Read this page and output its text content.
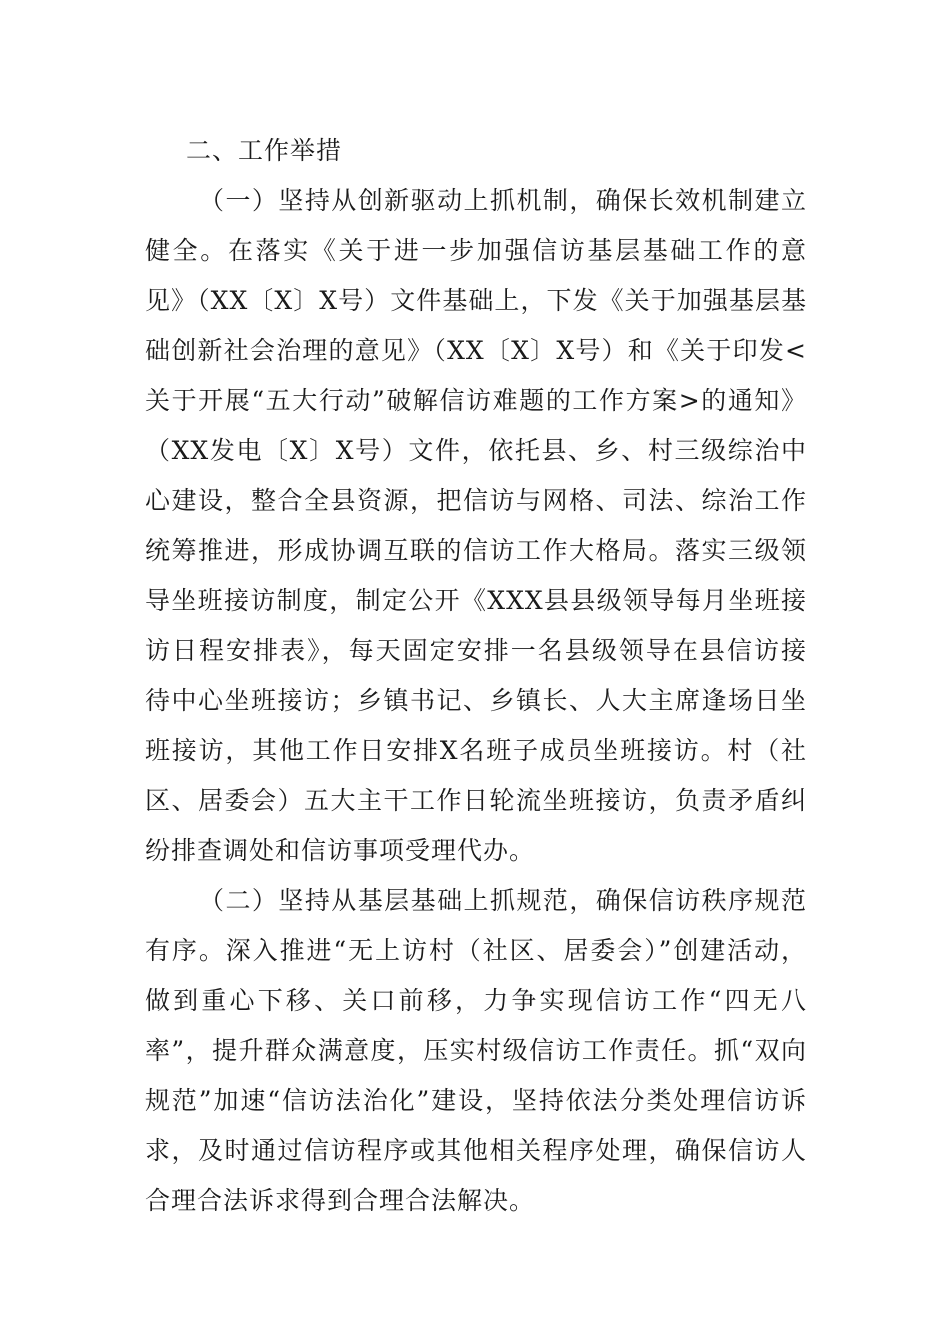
二、工作举措

（一）坚持从创新驱动上抓机制，确保长效机制建立健全。在落实《关于进一步加强信访基层基础工作的意见》（XX〔X〕X号）文件基础上，下发《关于加强基层基础创新社会治理的意见》（XX〔X〕X号）和《关于印发<关于开展“五大行动”破解信访难题的工作方案>的通知》（XX发电〔X〕X号）文件，依托县、乡、村三级综治中心建设，整合全县资源，把信访与网格、司法、综治工作统筹推进，形成协调互联的信访工作大格局。落实三级领导坐班接访制度，制定公开《XXX县县级领导每月坐班接访日程安排表》，每天固定安排一名县级领导在县信访接待中心坐班接访；乡镇书记、乡镇长、人大主席逢场日坐班接访，其他工作日安排X名班子成员坐班接访。村（社区、居委会）五大主干工作日轮流坐班接访，负责矛盾纠纷排查调处和信访事项受理代办。

（二）坚持从基层基础上抓规范，确保信访秩序规范有序。深入推进“无上访村（社区、居委会）”创建活动，做到重心下移、关口前移，力争实现信访工作“四无八率”，提升群众满意度，压实村级信访工作责任。抓“双向规范”加速“信访法治化”建设，坚持依法分类处理信访诉求，及时通过信访程序或其他相关程序处理，确保信访人合理合法诉求得到合理合法解决。
